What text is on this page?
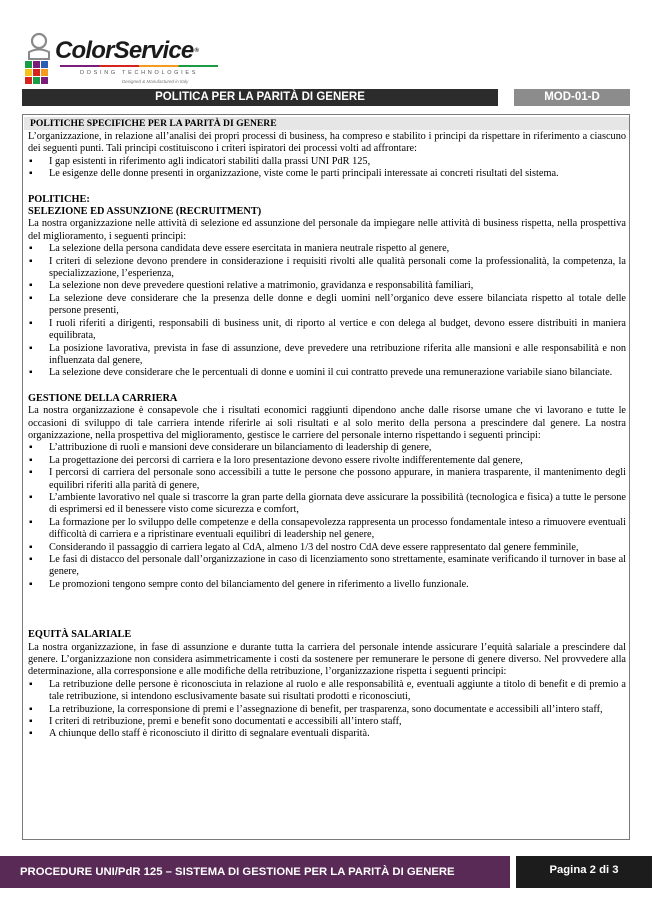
ColorService®
DOSING TECHNOLOGIES
Designed & Manufactured in Italy
POLITICA PER LA PARITÀ DI GENERE	MOD-01-D
POLITICHE SPECIFICHE PER LA PARITÀ DI GENERE

L’organizzazione, in relazione all’analisi dei propri processi di business, ha compreso e stabilito i principi da rispettare in riferimento a ciascuno dei seguenti punti. Tali principi costituiscono i criteri ispiratori dei processi volti ad affrontare:

▪ I gap esistenti in riferimento agli indicatori stabiliti dalla prassi UNI PdR 125,
▪ Le esigenze delle donne presenti in organizzazione, viste come le parti principali interessate ai concreti risultati del sistema.

POLITICHE:

SELEZIONE ED ASSUNZIONE (RECRUITMENT)

La nostra organizzazione nelle attività di selezione ed assunzione del personale da impiegare nelle attività di business rispetta, nella prospettiva del miglioramento, i seguenti principi:

▪ La selezione della persona candidata deve essere esercitata in maniera neutrale rispetto al genere,
▪ I criteri di selezione devono prendere in considerazione i requisiti rivolti alle qualità personali come la professionalità, la competenza, la specializzazione, l’esperienza,
▪ La selezione non deve prevedere questioni relative a matrimonio, gravidanza e responsabilità familiari,
▪ La selezione deve considerare che la presenza delle donne e degli uomini nell’organico deve essere bilanciata rispetto al totale delle persone presenti,
▪ I ruoli riferiti a dirigenti, responsabili di business unit, di riporto al vertice e con delega al budget, devono essere distribuiti in maniera equilibrata,
▪ La posizione lavorativa, prevista in fase di assunzione, deve prevedere una retribuzione riferita alle mansioni e alle responsabilità e non influenzata dal genere,
▪ La selezione deve considerare che le percentuali di donne e uomini il cui contratto prevede una remunerazione variabile siano bilanciate.

GESTIONE DELLA CARRIERA

La nostra organizzazione è consapevole che i risultati economici raggiunti dipendono anche dalle risorse umane che vi lavorano e tutte le occasioni di sviluppo di tale carriera intende riferirle ai soli risultati e al solo merito della persona a prescindere dal genere. La nostra organizzazione, nella prospettiva del miglioramento, gestisce le carriere del personale interno rispettando i seguenti principi:

▪ L’attribuzione di ruoli e mansioni deve considerare un bilanciamento di leadership di genere,
▪ La progettazione dei percorsi di carriera e la loro presentazione devono essere rivolte indifferentemente dal genere,
▪ I percorsi di carriera del personale sono accessibili a tutte le persone che possono appurare, in maniera trasparente, il mantenimento degli equilibri riferiti alla parità di genere,
▪ L’ambiente lavorativo nel quale si trascorre la gran parte della giornata deve assicurare la possibilità (tecnologica e fisica) a tutte le persone di esprimersi ed il benessere visto come sicurezza e comfort,
▪ La formazione per lo sviluppo delle competenze e della consapevolezza rappresenta un processo fondamentale inteso a rimuovere eventuali difficoltà di carriera e a ripristinare eventuali equilibri di leadership nel genere,
▪ Considerando il passaggio di carriera legato al CdA, almeno 1/3 del nostro CdA deve essere rappresentato dal genere femminile,
▪ Le fasi di distacco del personale dall’organizzazione in caso di licenziamento sono strettamente, esaminate verificando il turnover in base al genere,
▪ Le promozioni tengono sempre conto del bilanciamento del genere in riferimento a livello funzionale.

EQUITÀ SALARIALE

La nostra organizzazione, in fase di assunzione e durante tutta la carriera del personale intende assicurare l’equità salariale a prescindere dal genere. L’organizzazione non considera asimmetricamente i costi da sostenere per remunerare le persone di genere diverso. Nel provvedere alla determinazione, alla corresponsione e alle modifiche della retribuzione, l’organizzazione rispetta i seguenti principi:

▪ La retribuzione delle persone è riconosciuta in relazione al ruolo e alle responsabilità e, eventuali aggiunte a titolo di benefit e di premio a tale retribuzione, si intendono esclusivamente basate sui risultati prodotti e riconosciuti,
▪ La retribuzione, la corresponsione di premi e l’assegnazione di benefit, per trasparenza, sono documentate e accessibili all’intero staff,
▪ I criteri di retribuzione, premi e benefit sono documentati e accessibili all’intero staff,
▪ A chiunque dello staff è riconosciuto il diritto di segnalare eventuali disparità.
PROCEDURE UNI/PdR 125 – SISTEMA DI GESTIONE PER LA PARITÀ DI GENERE	Pagina 2 di 3
